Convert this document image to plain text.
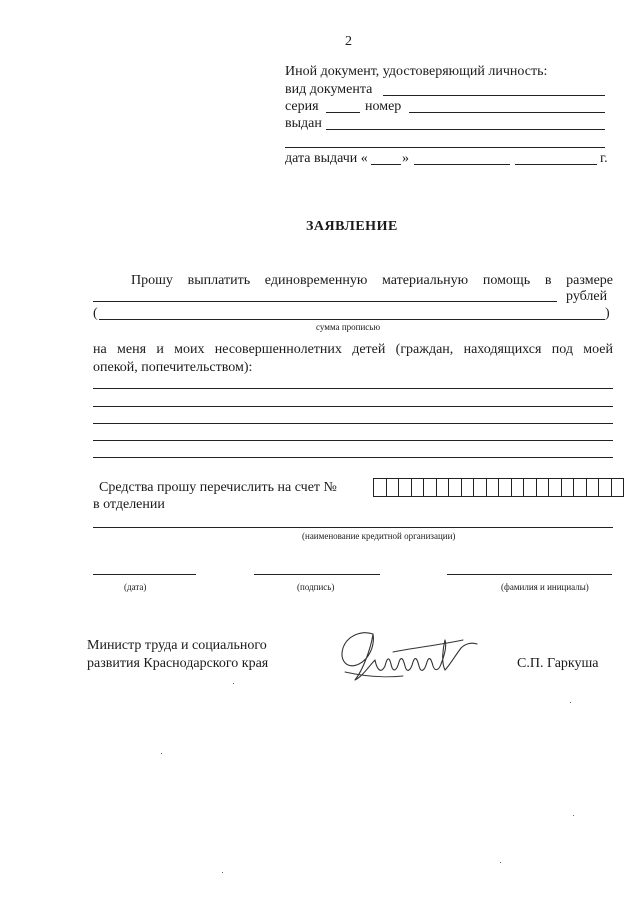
2
Иной документ, удостоверяющий личность:
вид документа
серия	номер
выдан
дата выдачи « »	г.
ЗАЯВЛЕНИЕ
Прошу выплатить единовременную материальную помощь в размере
рублей
(	)
сумма прописью
на меня и моих несовершеннолетних детей (граждан, находящихся под моей
опекой, попечительством):
Средства прошу перечислить на счет №
в отделении
(наименование кредитной организации)
(дата)	(подпись)	(фамилия и инициалы)
Министр труда и социального
развития Краснодарского края	С.П. Гаркуша
